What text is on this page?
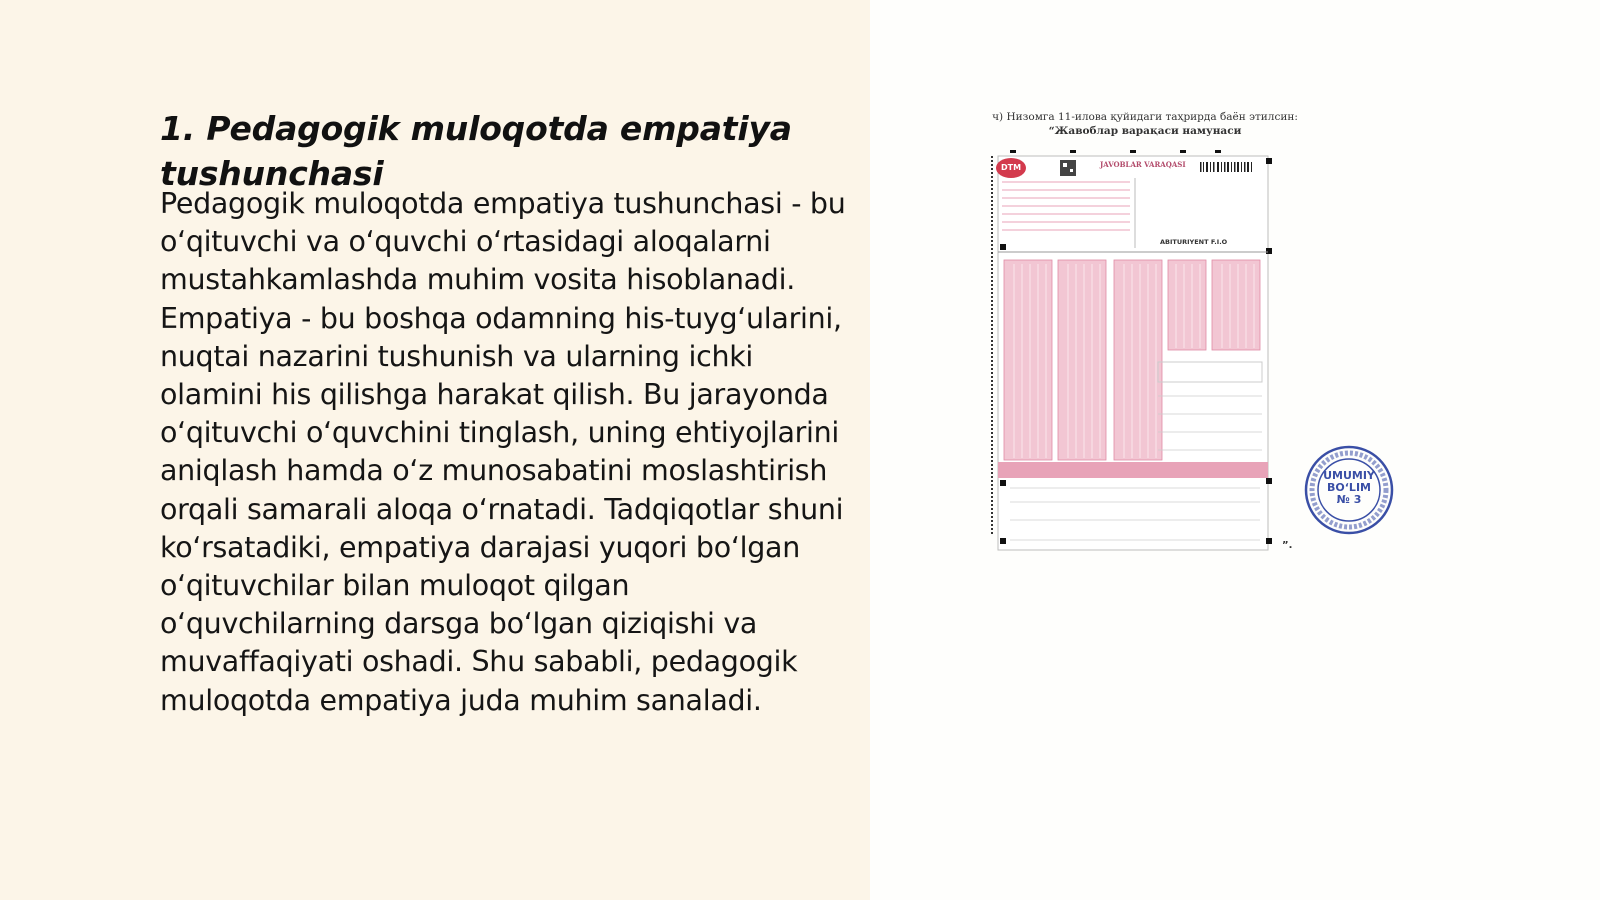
1. Pedagogik muloqotda empatiya tushunchasi

Pedagogik muloqotda empatiya tushunchasi - bu oʻqituvchi va oʻquvchi oʻrtasidagi aloqalarni mustahkamlashda muhim vosita hisoblanadi. Empatiya - bu boshqa odamning his-tuygʻularini, nuqtai nazarini tushunish va ularning ichki olamini his qilishga harakat qilish. Bu jarayonda oʻqituvchi oʻquvchini tinglash, uning ehtiyojlarini aniqlash hamda oʻz munosabatini moslashtirish orqali samarali aloqa oʻrnatadi. Tadqiqotlar shuni koʻrsatadiki, empatiya darajasi yuqori boʻlgan oʻqituvchilar bilan muloqot qilgan oʻquvchilarning darsga boʻlgan qiziqishi va muvaffaqiyati oshadi. Shu sababli, pedagogik muloqotda empatiya juda muhim sanaladi.

ч) Низомга 11-илова қуйидаги таҳрирда баён этилсин:
“Жавоблар варақаси намунаси
DTM	JAVOBLAR VARAQASI
ABITURIYENT F.I.O
”.
UMUMIY
BOʻLIM
№ 3
